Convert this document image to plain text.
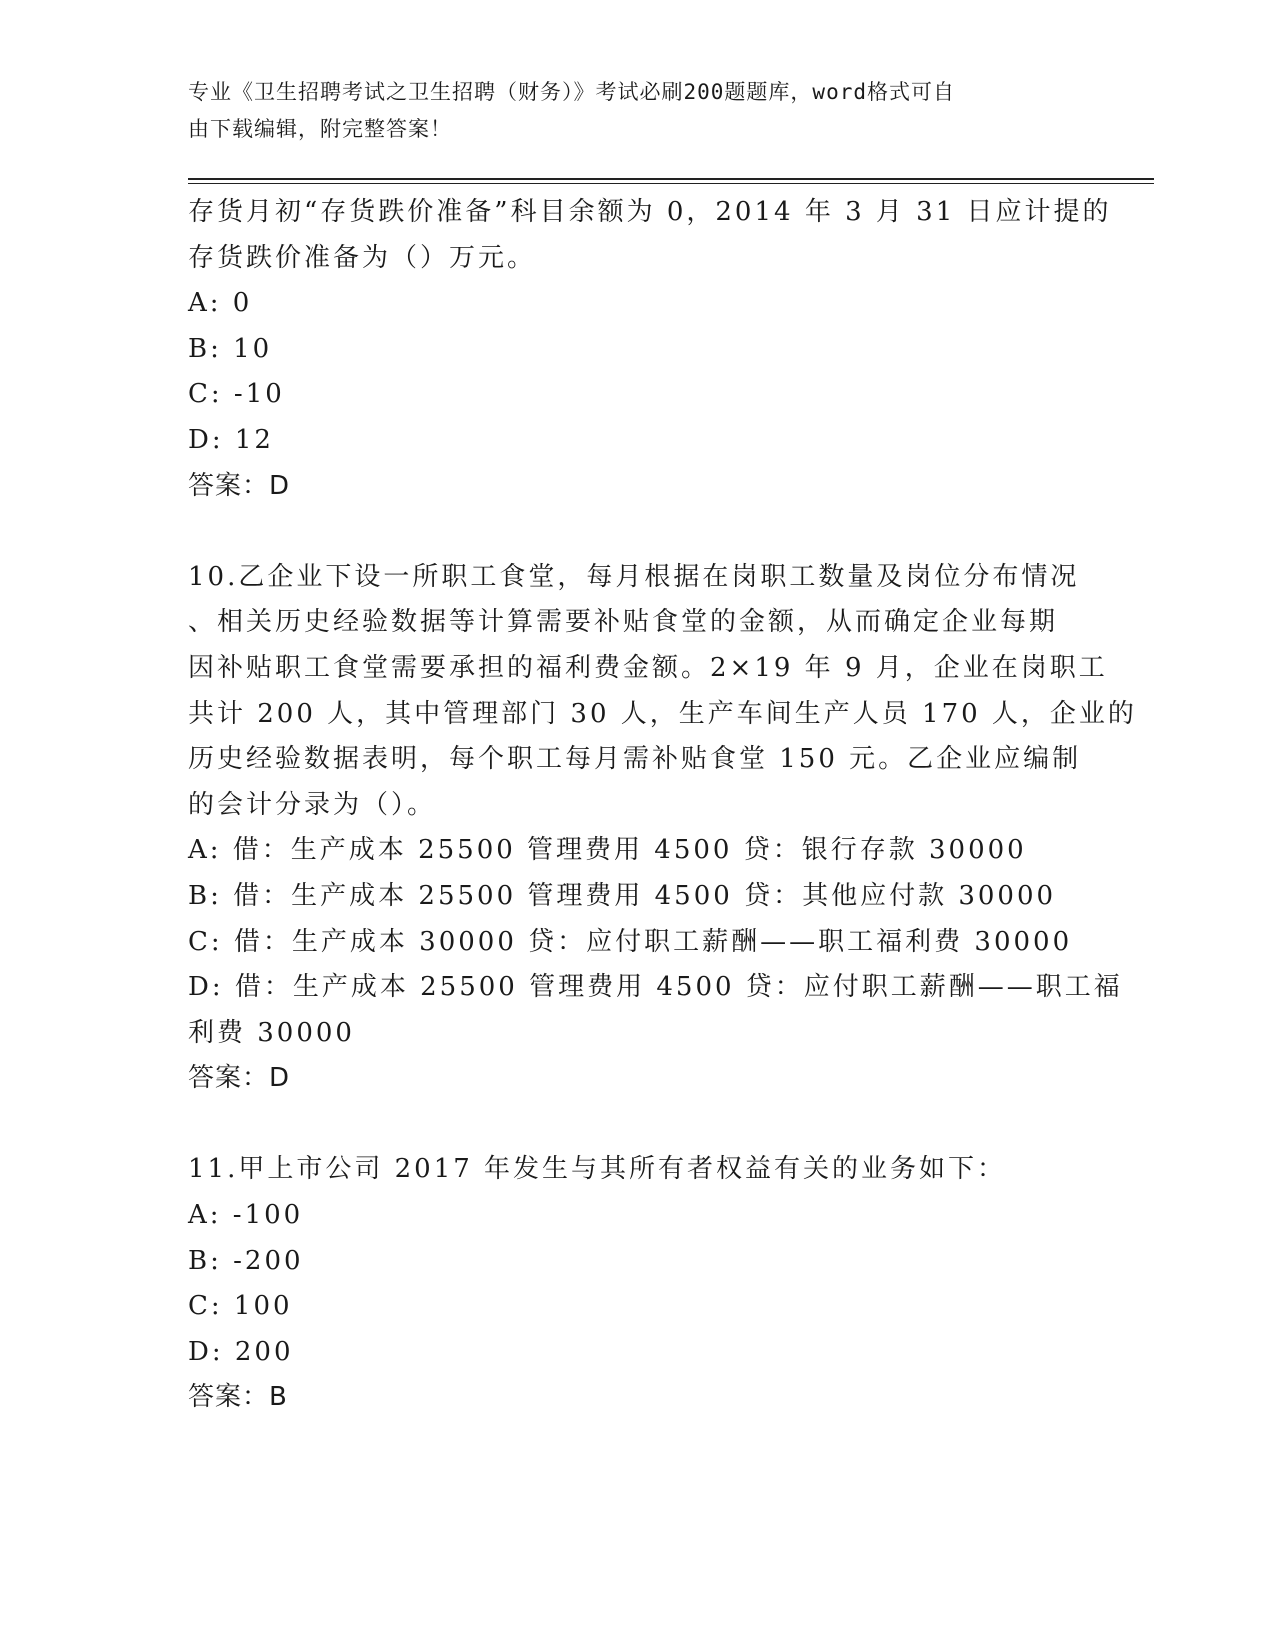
专业《卫生招聘考试之卫生招聘（财务）》考试必刷200题题库，word格式可自
由下载编辑，附完整答案！

存货月初“存货跌价准备”科目余额为 0，2014 年 3 月 31 日应计提的

存货跌价准备为（）万元。

A: 0

B: 10

C: -10

D: 12

答案：D

10.乙企业下设一所职工食堂，每月根据在岗职工数量及岗位分布情况

、相关历史经验数据等计算需要补贴食堂的金额，从而确定企业每期

因补贴职工食堂需要承担的福利费金额。2×19 年 9 月，企业在岗职工

共计 200 人，其中管理部门 30 人，生产车间生产人员 170 人，企业的

历史经验数据表明，每个职工每月需补贴食堂 150 元。乙企业应编制

的会计分录为（）。

A: 借：生产成本 25500 管理费用 4500 贷：银行存款 30000

B: 借：生产成本 25500 管理费用 4500 贷：其他应付款 30000

C: 借：生产成本 30000 贷：应付职工薪酬——职工福利费 30000

D: 借：生产成本 25500 管理费用 4500 贷：应付职工薪酬——职工福

利费 30000

答案：D

11.甲上市公司 2017 年发生与其所有者权益有关的业务如下：

A: -100

B: -200

C: 100

D: 200

答案：B
